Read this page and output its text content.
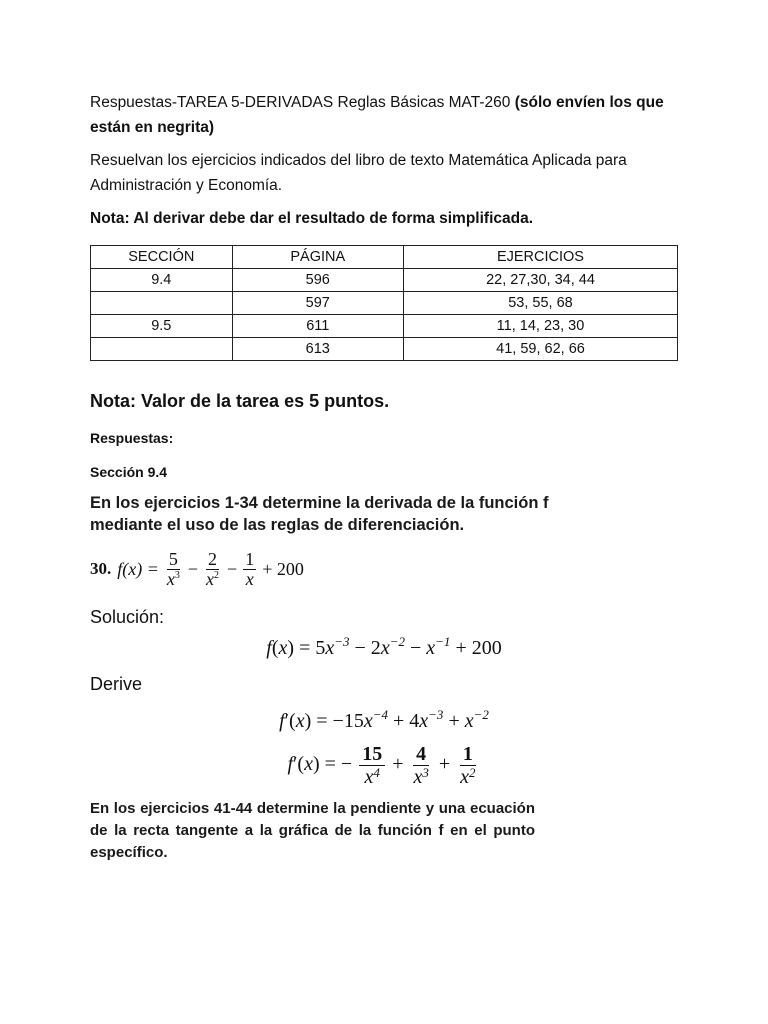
Respuestas-TAREA 5-DERIVADAS Reglas Básicas MAT-260 (sólo envíen los que están en negrita)

Resuelvan los ejercicios indicados del libro de texto Matemática Aplicada para Administración y Economía.

Nota: Al derivar debe dar el resultado de forma simplificada.

SECCIÓN	PÁGINA	EJERCICIOS
9.4	596	22, 27,30, 34, 44
	597	53, 55, 68
9.5	611	11, 14, 23, 30
	613	41, 59, 62, 66

Nota: Valor de la tarea es 5 puntos.

Respuestas:

Sección 9.4

En los ejercicios 1-34 determine la derivada de la función f mediante el uso de las reglas de diferenciación.

30. $f(x) = \frac{5}{x^3} - \frac{2}{x^2} - \frac{1}{x} + 200$

Solución:

$f(x) = 5x^{-3} - 2x^{-2} - x^{-1} + 200$

Derive

$f'(x) = -15x^{-4} + 4x^{-3} + x^{-2}$
f′(x) = − $\frac{15}{x^4} + \frac{4}{x^3} + \frac{1}{x^2}$

En los ejercicios 41-44 determine la pendiente y una ecuación de la recta tangente a la gráfica de la función f en el punto específico.
